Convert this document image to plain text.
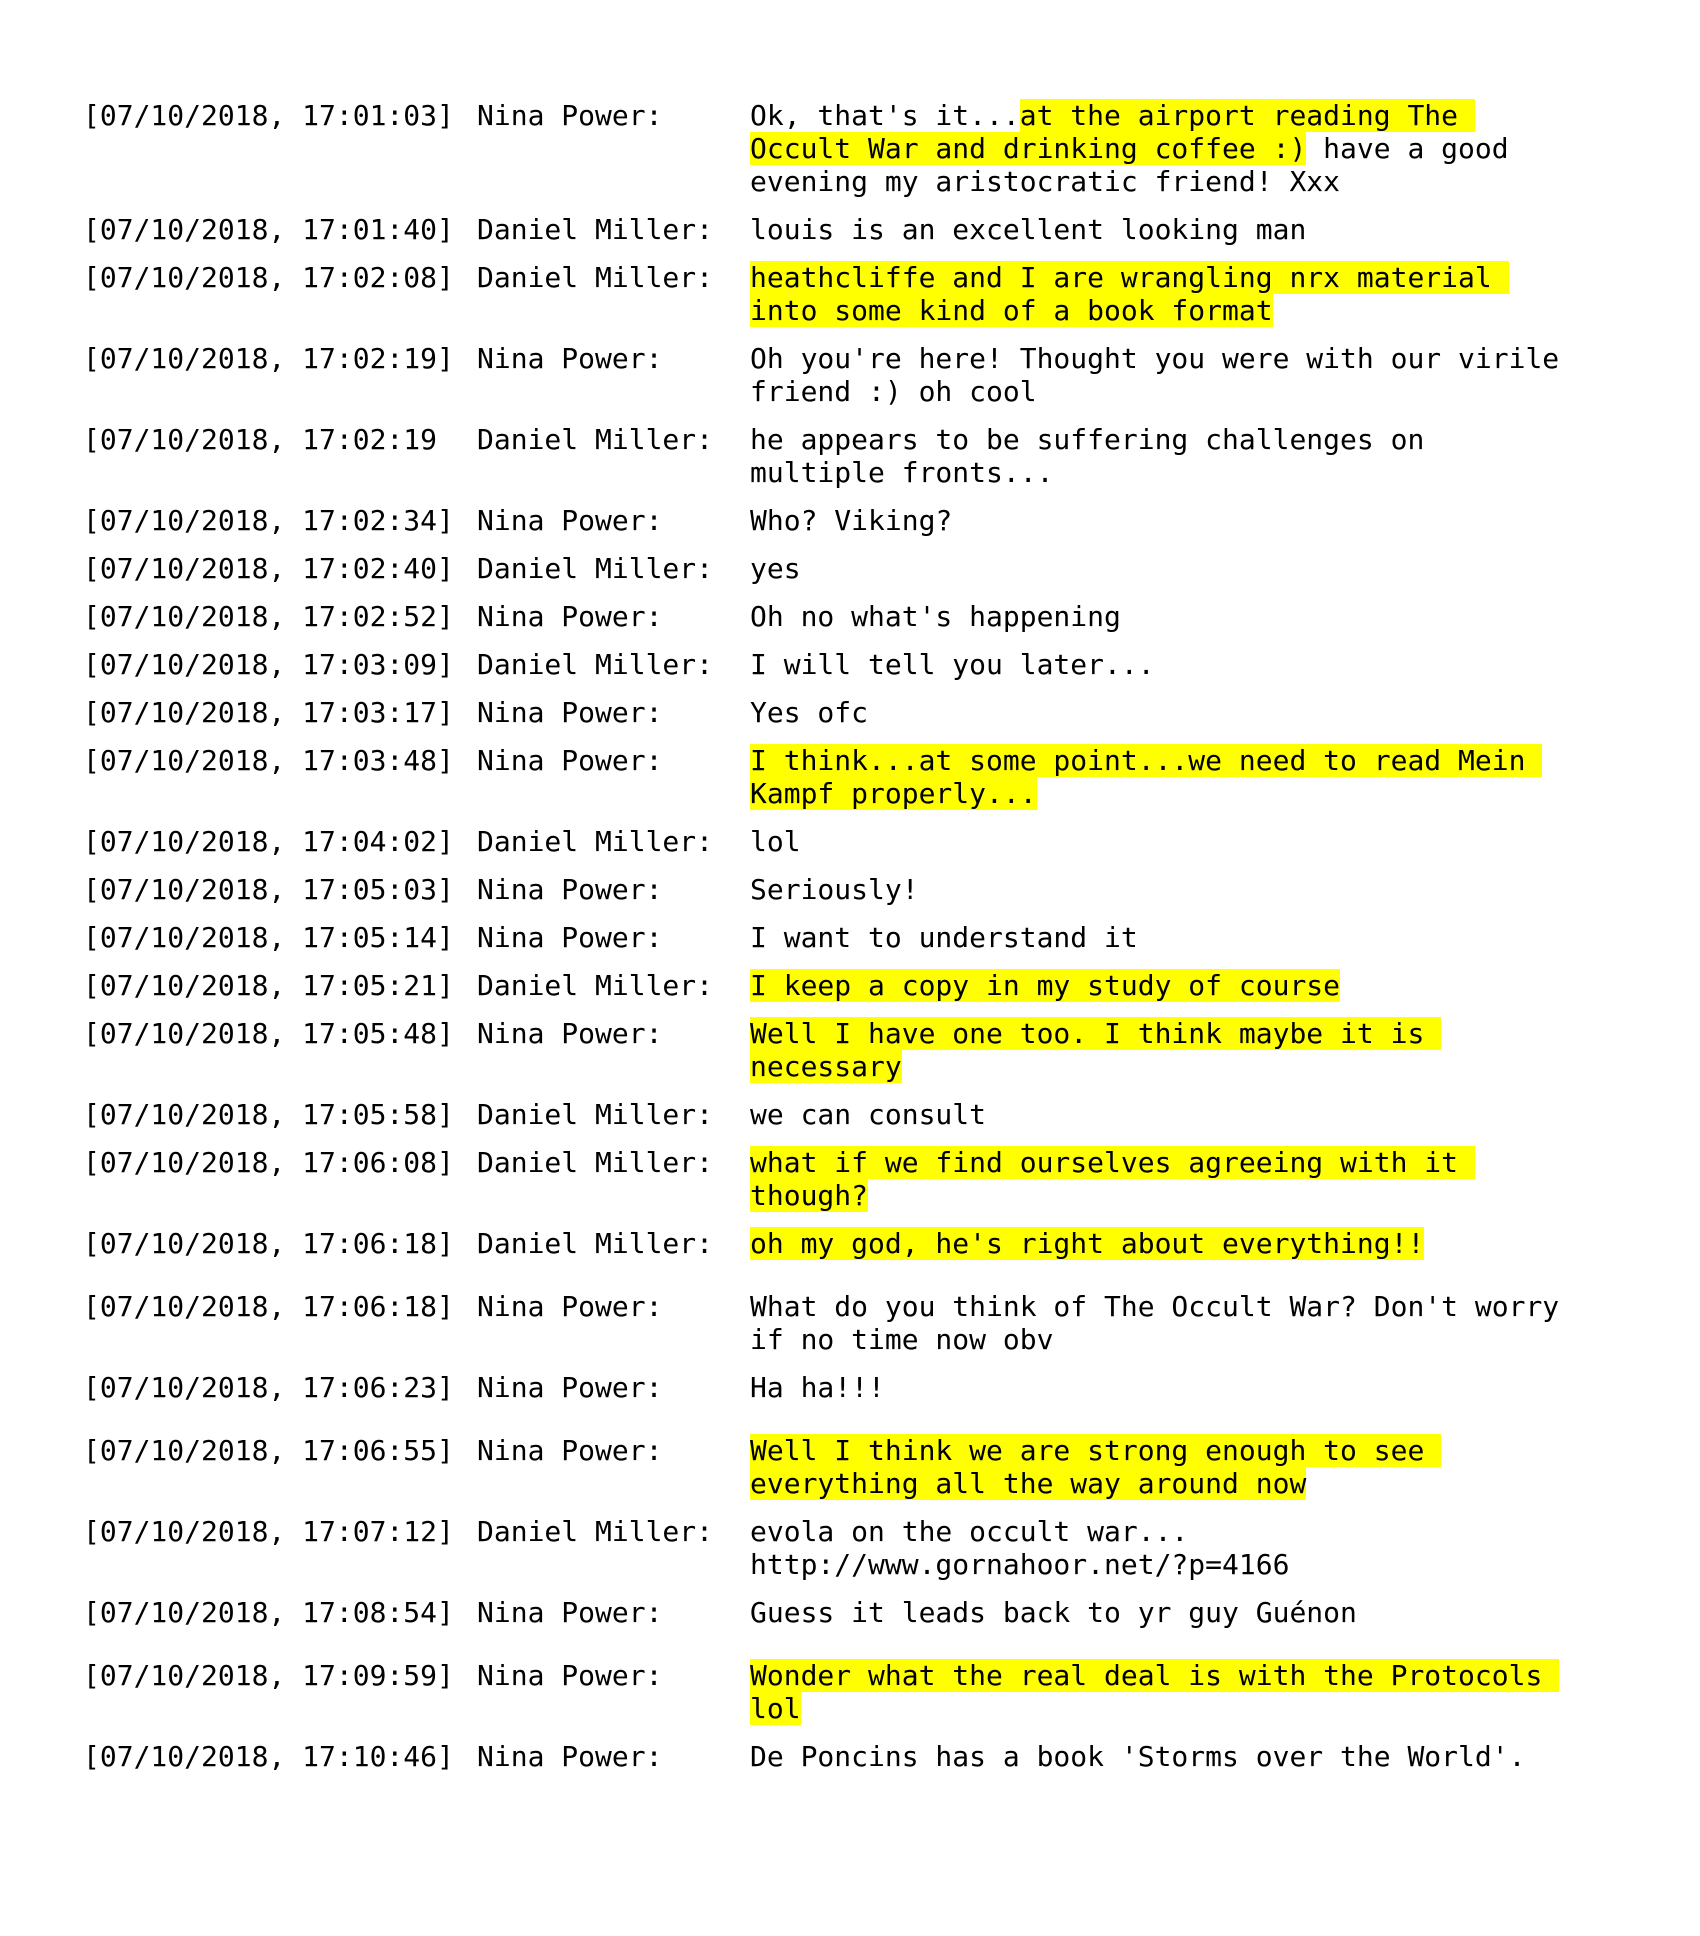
[07/10/2018, 17:01:03] Nina Power:	Ok, that's it...at the airport reading The Occult War and drinking coffee :) have a good evening my aristocratic friend! Xxx
[07/10/2018, 17:01:40] Daniel Miller:	louis is an excellent looking man
[07/10/2018, 17:02:08] Daniel Miller:	heathcliffe and I are wrangling nrx material into some kind of a book format
[07/10/2018, 17:02:19] Nina Power:	Oh you're here! Thought you were with our virile friend :) oh cool
[07/10/2018, 17:02:19	Daniel Miller:	he appears to be suffering challenges on multiple fronts...
[07/10/2018, 17:02:34] Nina Power:	Who? Viking?
[07/10/2018, 17:02:40] Daniel Miller:	yes
[07/10/2018, 17:02:52] Nina Power:	Oh no what's happening
[07/10/2018, 17:03:09] Daniel Miller:	I will tell you later...
[07/10/2018, 17:03:17] Nina Power:	Yes ofc
[07/10/2018, 17:03:48] Nina Power:	I think...at some point...we need to read Mein Kampf properly...
[07/10/2018, 17:04:02] Daniel Miller:	lol
[07/10/2018, 17:05:03] Nina Power:	Seriously!
[07/10/2018, 17:05:14] Nina Power:	I want to understand it
[07/10/2018, 17:05:21] Daniel Miller:	I keep a copy in my study of course
[07/10/2018, 17:05:48] Nina Power:	Well I have one too. I think maybe it is necessary
[07/10/2018, 17:05:58] Daniel Miller:	we can consult
[07/10/2018, 17:06:08] Daniel Miller:	what if we find ourselves agreeing with it though?
[07/10/2018, 17:06:18] Daniel Miller:	oh my god, he's right about everything!!
[07/10/2018, 17:06:18] Nina Power:	What do you think of The Occult War? Don't worry if no time now obv
[07/10/2018, 17:06:23] Nina Power:	Ha ha!!!
[07/10/2018, 17:06:55] Nina Power:	Well I think we are strong enough to see everything all the way around now
[07/10/2018, 17:07:12] Daniel Miller:	evola on the occult war...
http://www.gornahoor.net/?p=4166
[07/10/2018, 17:08:54] Nina Power:	Guess it leads back to yr guy Guénon
[07/10/2018, 17:09:59] Nina Power:	Wonder what the real deal is with the Protocols lol
[07/10/2018, 17:10:46] Nina Power:	De Poncins has a book 'Storms over the World'.
